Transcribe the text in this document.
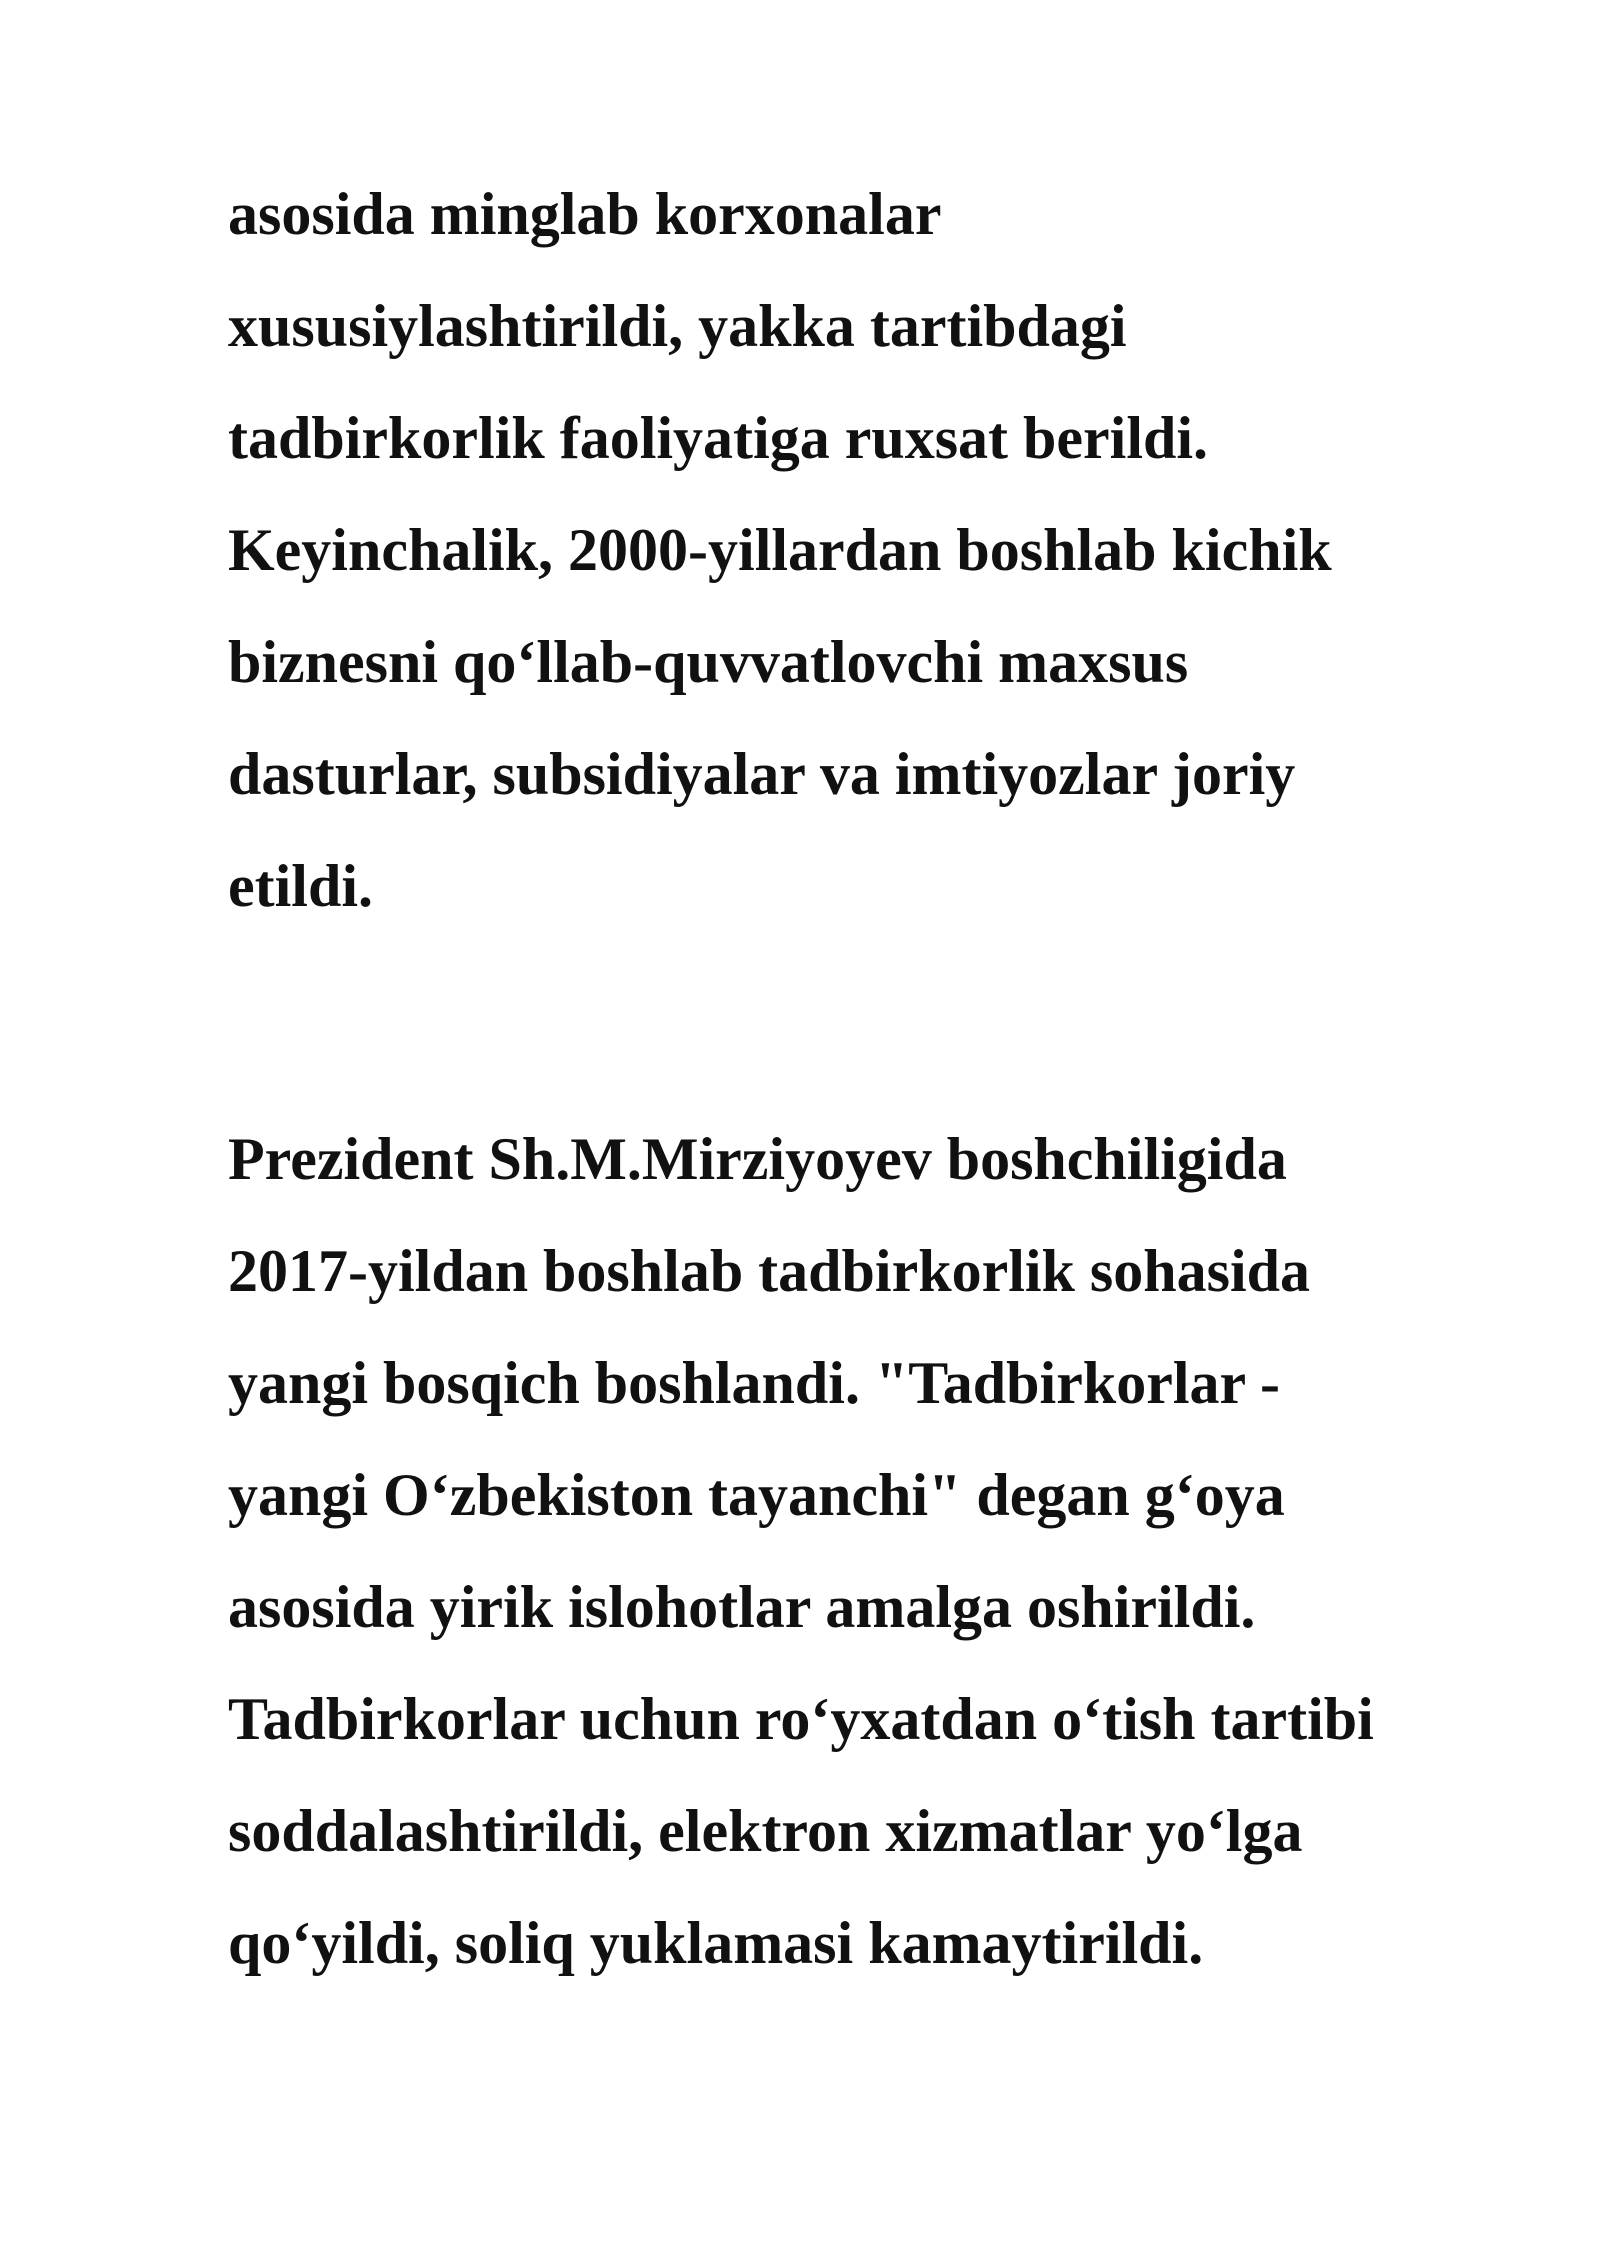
asosida minglab korxonalar
xususiylashtirildi, yakka tartibdagi
tadbirkorlik faoliyatiga ruxsat berildi.
Keyinchalik, 2000-yillardan boshlab kichik
biznesni qo‘llab-quvvatlovchi maxsus
dasturlar, subsidiyalar va imtiyozlar joriy
etildi.
Prezident Sh.M.Mirziyoyev boshchiligida
2017-yildan boshlab tadbirkorlik sohasida
yangi bosqich boshlandi. "Tadbirkorlar -
yangi O‘zbekiston tayanchi" degan g‘oya
asosida yirik islohotlar amalga oshirildi.
Tadbirkorlar uchun ro‘yxatdan o‘tish tartibi
soddalashtirildi, elektron xizmatlar yo‘lga
qo‘yildi, soliq yuklamasi kamaytirildi.
